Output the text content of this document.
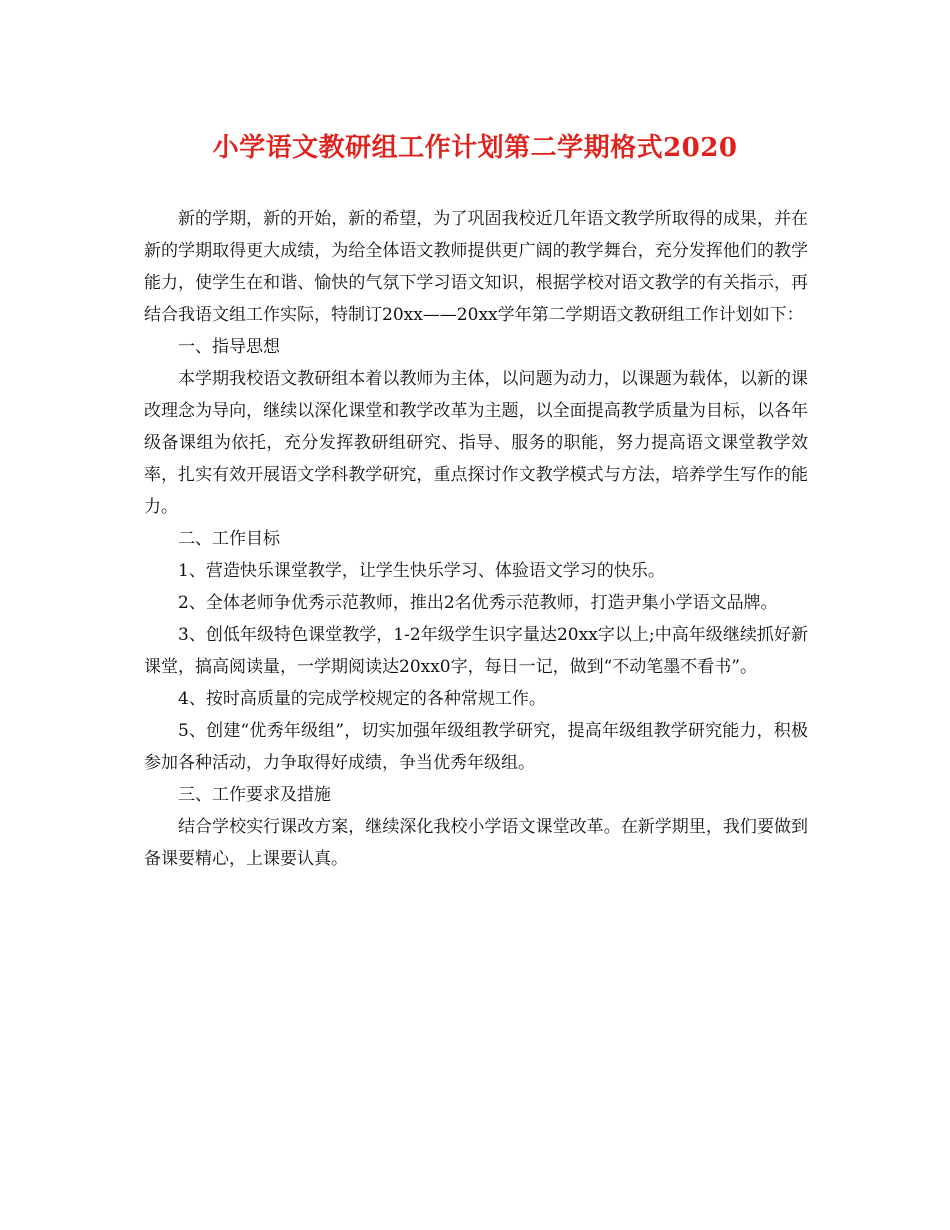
小学语文教研组工作计划第二学期格式2020

新的学期，新的开始，新的希望，为了巩固我校近几年语文教学所取得的成果，并在新的学期取得更大成绩，为给全体语文教师提供更广阔的教学舞台，充分发挥他们的教学能力，使学生在和谐、愉快的气氛下学习语文知识，根据学校对语文教学的有关指示，再结合我语文组工作实际，特制订20xx——20xx学年第二学期语文教研组工作计划如下：

一、指导思想

本学期我校语文教研组本着以教师为主体，以问题为动力，以课题为载体，以新的课改理念为导向，继续以深化课堂和教学改革为主题，以全面提高教学质量为目标，以各年级备课组为依托，充分发挥教研组研究、指导、服务的职能，努力提高语文课堂教学效率，扎实有效开展语文学科教学研究，重点探讨作文教学模式与方法，培养学生写作的能力。

二、工作目标

1、营造快乐课堂教学，让学生快乐学习、体验语文学习的快乐。

2、全体老师争优秀示范教师，推出2名优秀示范教师，打造尹集小学语文品牌。

3、创低年级特色课堂教学，1-2年级学生识字量达20xx字以上;中高年级继续抓好新课堂，搞高阅读量，一学期阅读达20xx0字，每日一记，做到“不动笔墨不看书”。

4、按时高质量的完成学校规定的各种常规工作。

5、创建“优秀年级组”，切实加强年级组教学研究，提高年级组教学研究能力，积极参加各种活动，力争取得好成绩，争当优秀年级组。

三、工作要求及措施

结合学校实行课改方案，继续深化我校小学语文课堂改革。在新学期里，我们要做到备课要精心，上课要认真。
